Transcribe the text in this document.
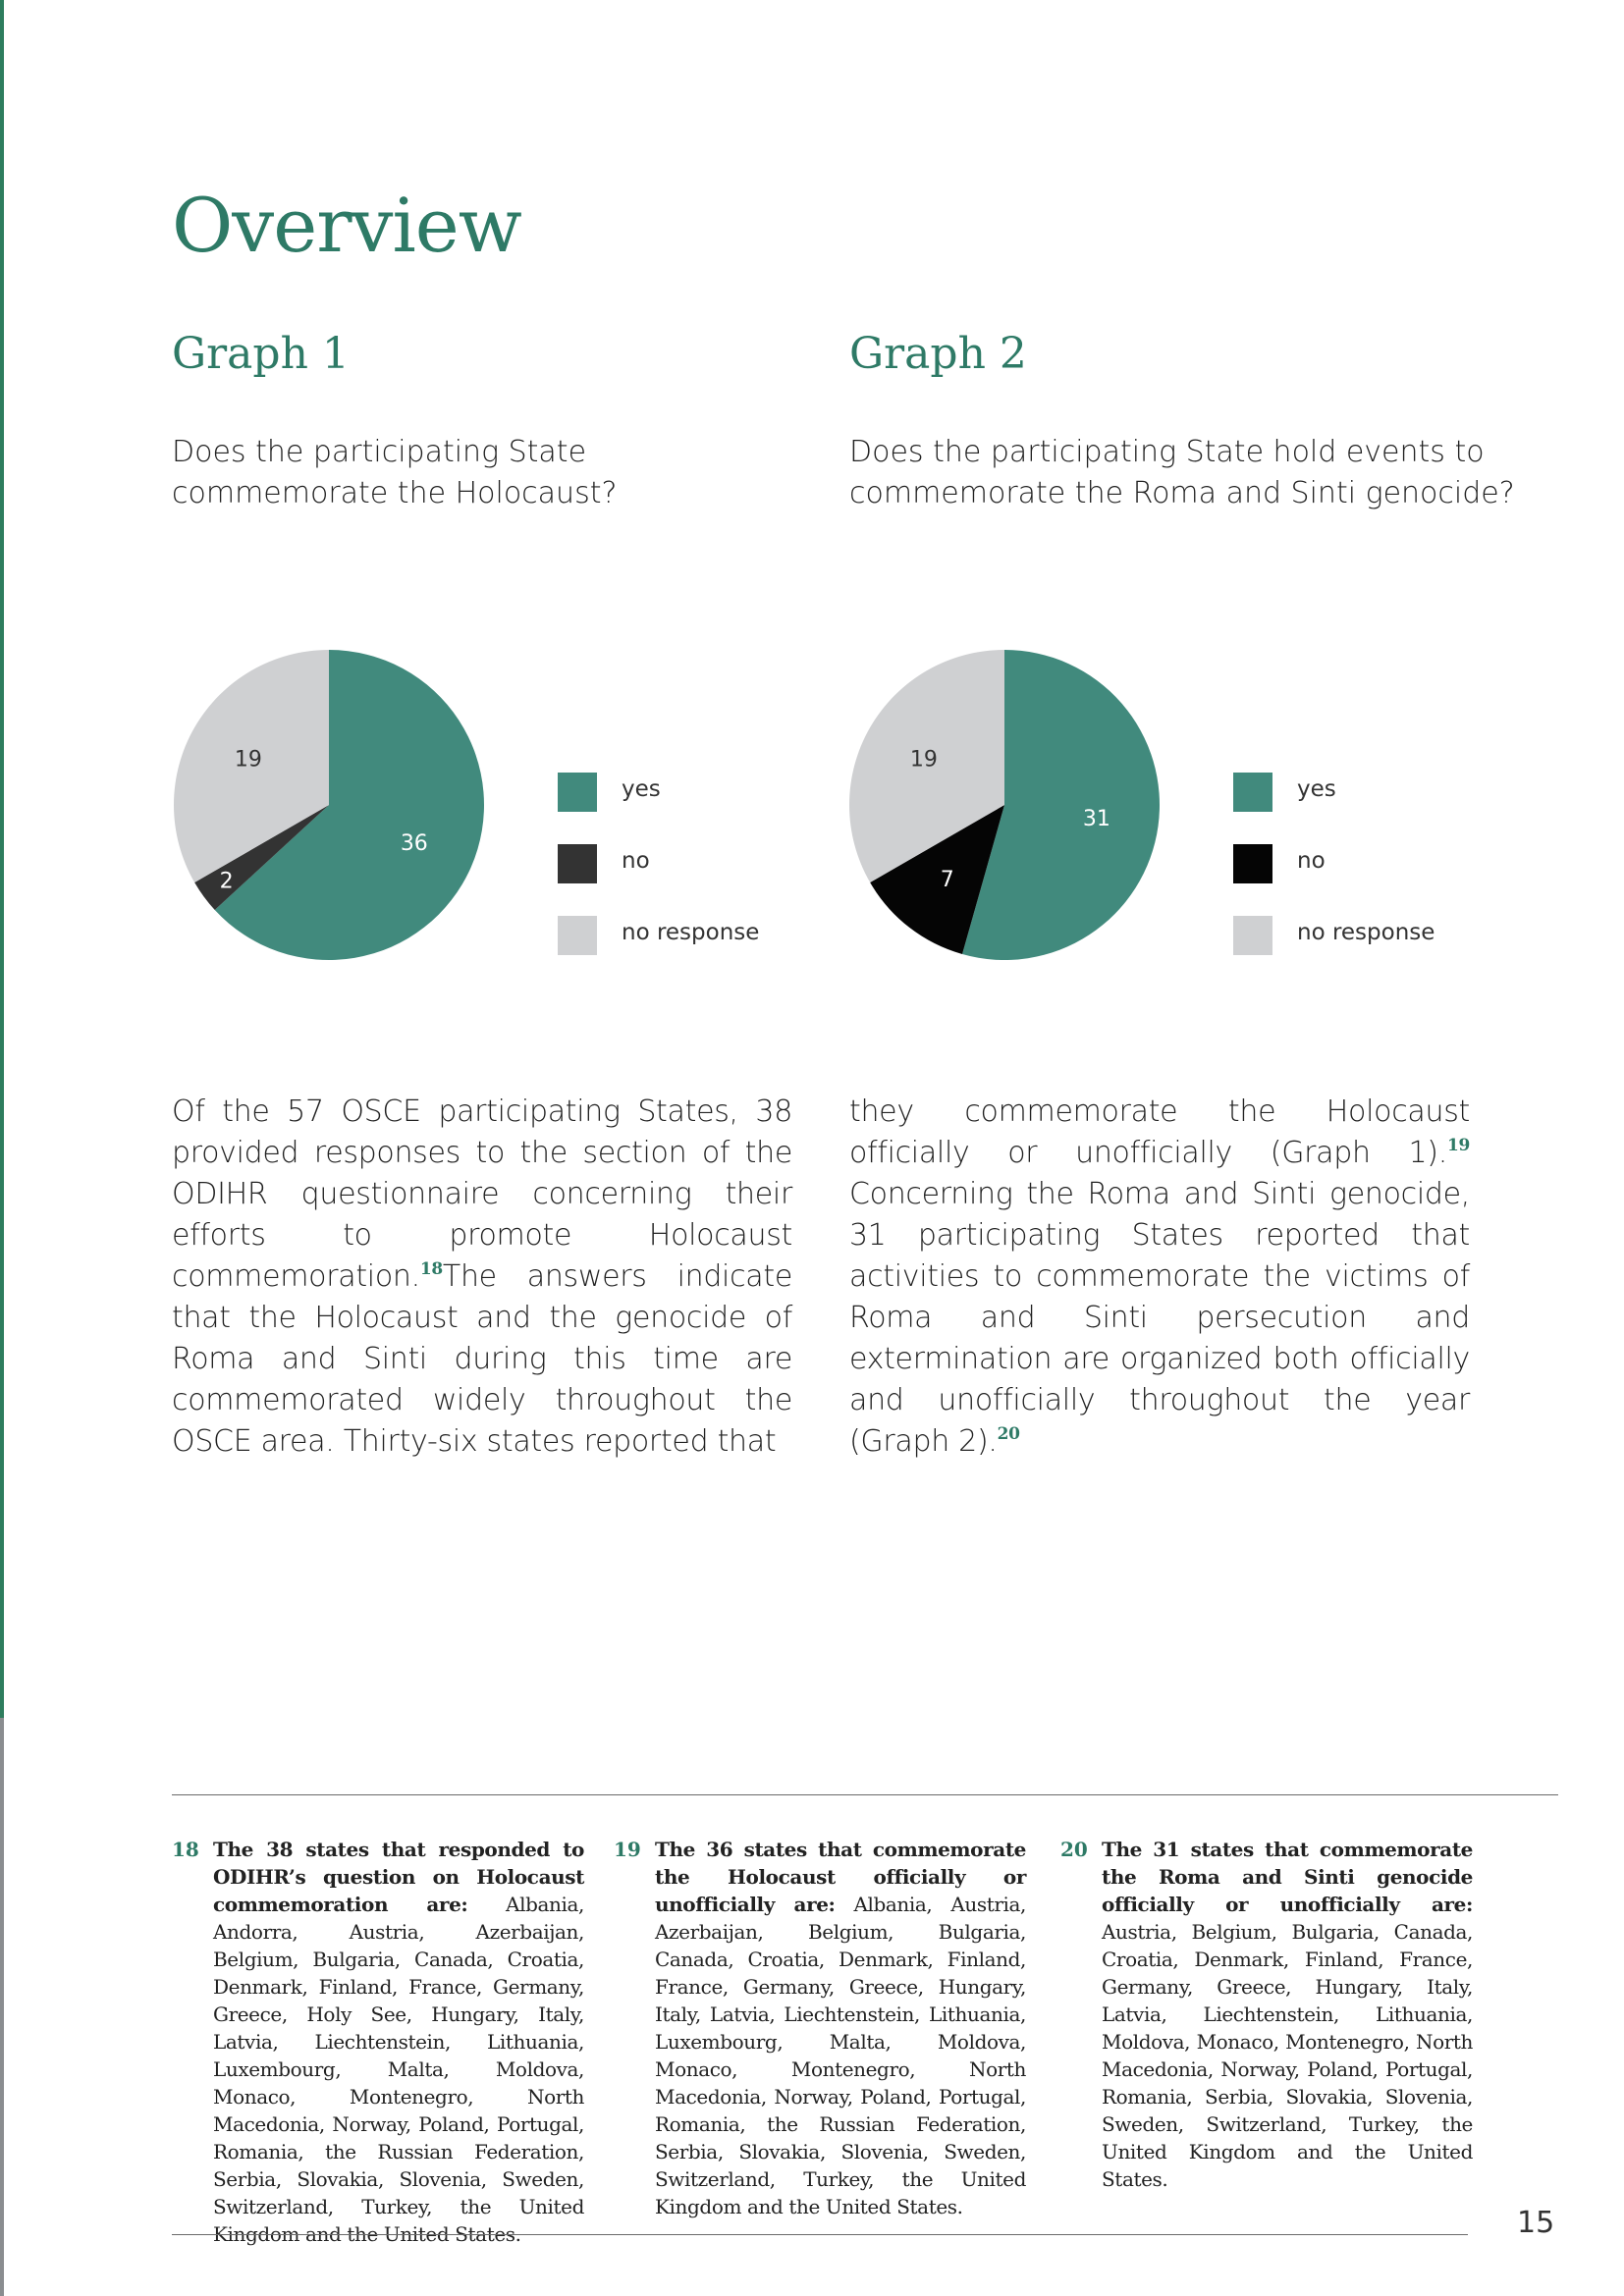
Overview
Graph 1

Does the participating State
commemorate the Holocaust?

36
2
19
yes
no
no response
Graph 2

Does the participating State hold events to
commemorate the Roma and Sinti genocide?

31
7
19
yes
no
no response

Of the 57 OSCE participating States, 38 provided responses to the section of the ODIHR questionnaire concerning their efforts to promote Holocaust commemoration.$^{18}$The answers indicate that the Holocaust and the genocide of Roma and Sinti during this time are commemorated widely throughout the OSCE area. Thirty-six states reported that

they commemorate the Holocaust officially or unofficially (Graph 1).$^{19}$ Concerning the Roma and Sinti genocide, 31 participating States reported that activities to commemorate the victims of Roma and Sinti persecution and extermination are organized both officially and unofficially throughout the year (Graph 2).$^{20}$

18 The 38 states that responded to ODIHR’s question on Holocaust commemoration are: Albania, Andorra, Austria, Azerbaijan, Belgium, Bulgaria, Canada, Croatia, Denmark, Finland, France, Germany, Greece, Holy See, Hungary, Italy, Latvia, Liechtenstein, Lithuania, Luxembourg, Malta, Moldova, Monaco, Montenegro, North Macedonia, Norway, Poland, Portugal, Romania, the Russian Federation, Serbia, Slovakia, Slovenia, Sweden, Switzerland, Turkey, the United Kingdom and the United States.
19 The 36 states that commemorate the Holocaust officially or unofficially are: Albania, Austria, Azerbaijan, Belgium, Bulgaria, Canada, Croatia, Denmark, Finland, France, Germany, Greece, Hungary, Italy, Latvia, Liechtenstein, Lithuania, Luxembourg, Malta, Moldova, Monaco, Montenegro, North Macedonia, Norway, Poland, Portugal, Romania, the Russian Federation, Serbia, Slovakia, Slovenia, Sweden, Switzerland, Turkey, the United Kingdom and the United States.
20 The 31 states that commemorate the Roma and Sinti genocide officially or unofficially are: Austria, Belgium, Bulgaria, Canada, Croatia, Denmark, Finland, France, Germany, Greece, Hungary, Italy, Latvia, Liechtenstein, Lithuania, Moldova, Monaco, Montenegro, North Macedonia, Norway, Poland, Portugal, Romania, Serbia, Slovakia, Slovenia, Sweden, Switzerland, Turkey, the United Kingdom and the United States.
15
